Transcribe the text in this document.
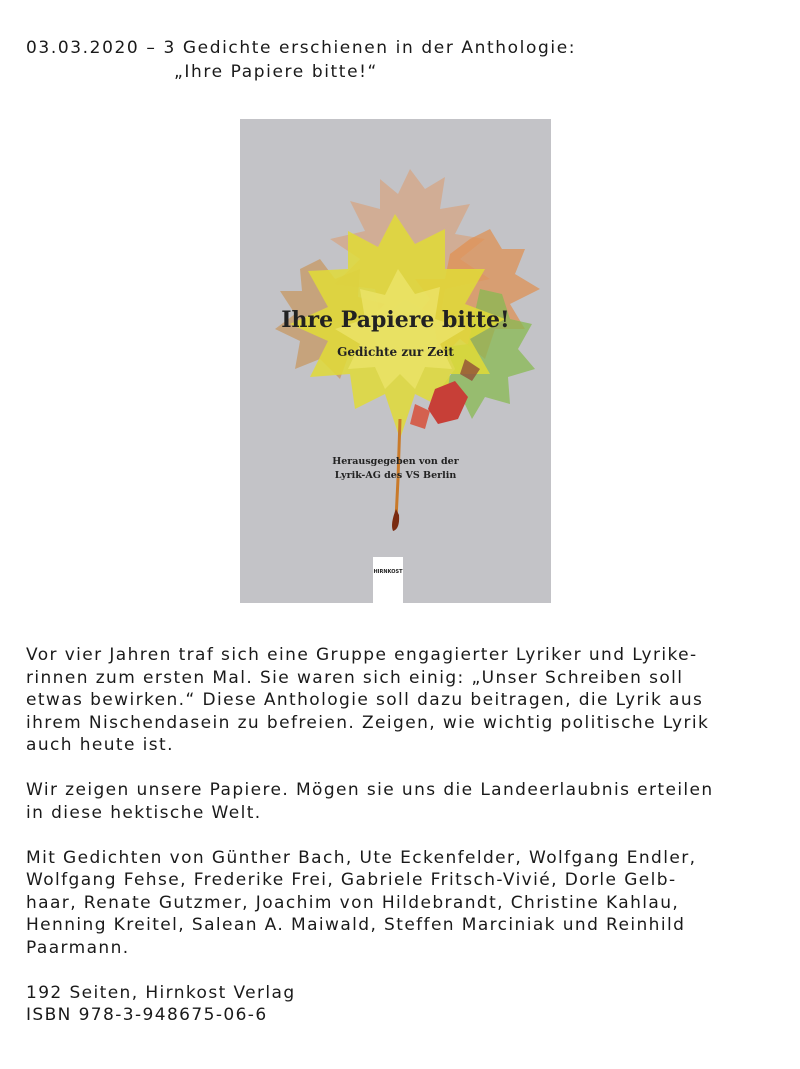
03.03.2020 – 3 Gedichte erschienen in der Anthologie:
„Ihre Papiere bitte!“
Ihre Papiere bitte!
Gedichte zur Zeit
Herausgegeben von der
Lyrik-AG des VS Berlin
HIRNKOST

Vor vier Jahren traf sich eine Gruppe engagierter Lyriker und Lyrike-
rinnen zum ersten Mal. Sie waren sich einig: „Unser Schreiben soll
etwas bewirken.“ Diese Anthologie soll dazu beitragen, die Lyrik aus
ihrem Nischendasein zu befreien. Zeigen, wie wichtig politische Lyrik
auch heute ist.

Wir zeigen unsere Papiere. Mögen sie uns die Landeerlaubnis erteilen
in diese hektische Welt.

Mit Gedichten von Günther Bach, Ute Eckenfelder, Wolfgang Endler,
Wolfgang Fehse, Frederike Frei, Gabriele Fritsch-Vivié, Dorle Gelb-
haar, Renate Gutzmer, Joachim von Hildebrandt, Christine Kahlau,
Henning Kreitel, Salean A. Maiwald, Steffen Marciniak und Reinhild
Paarmann.

192 Seiten, Hirnkost Verlag
ISBN 978-3-948675-06-6
